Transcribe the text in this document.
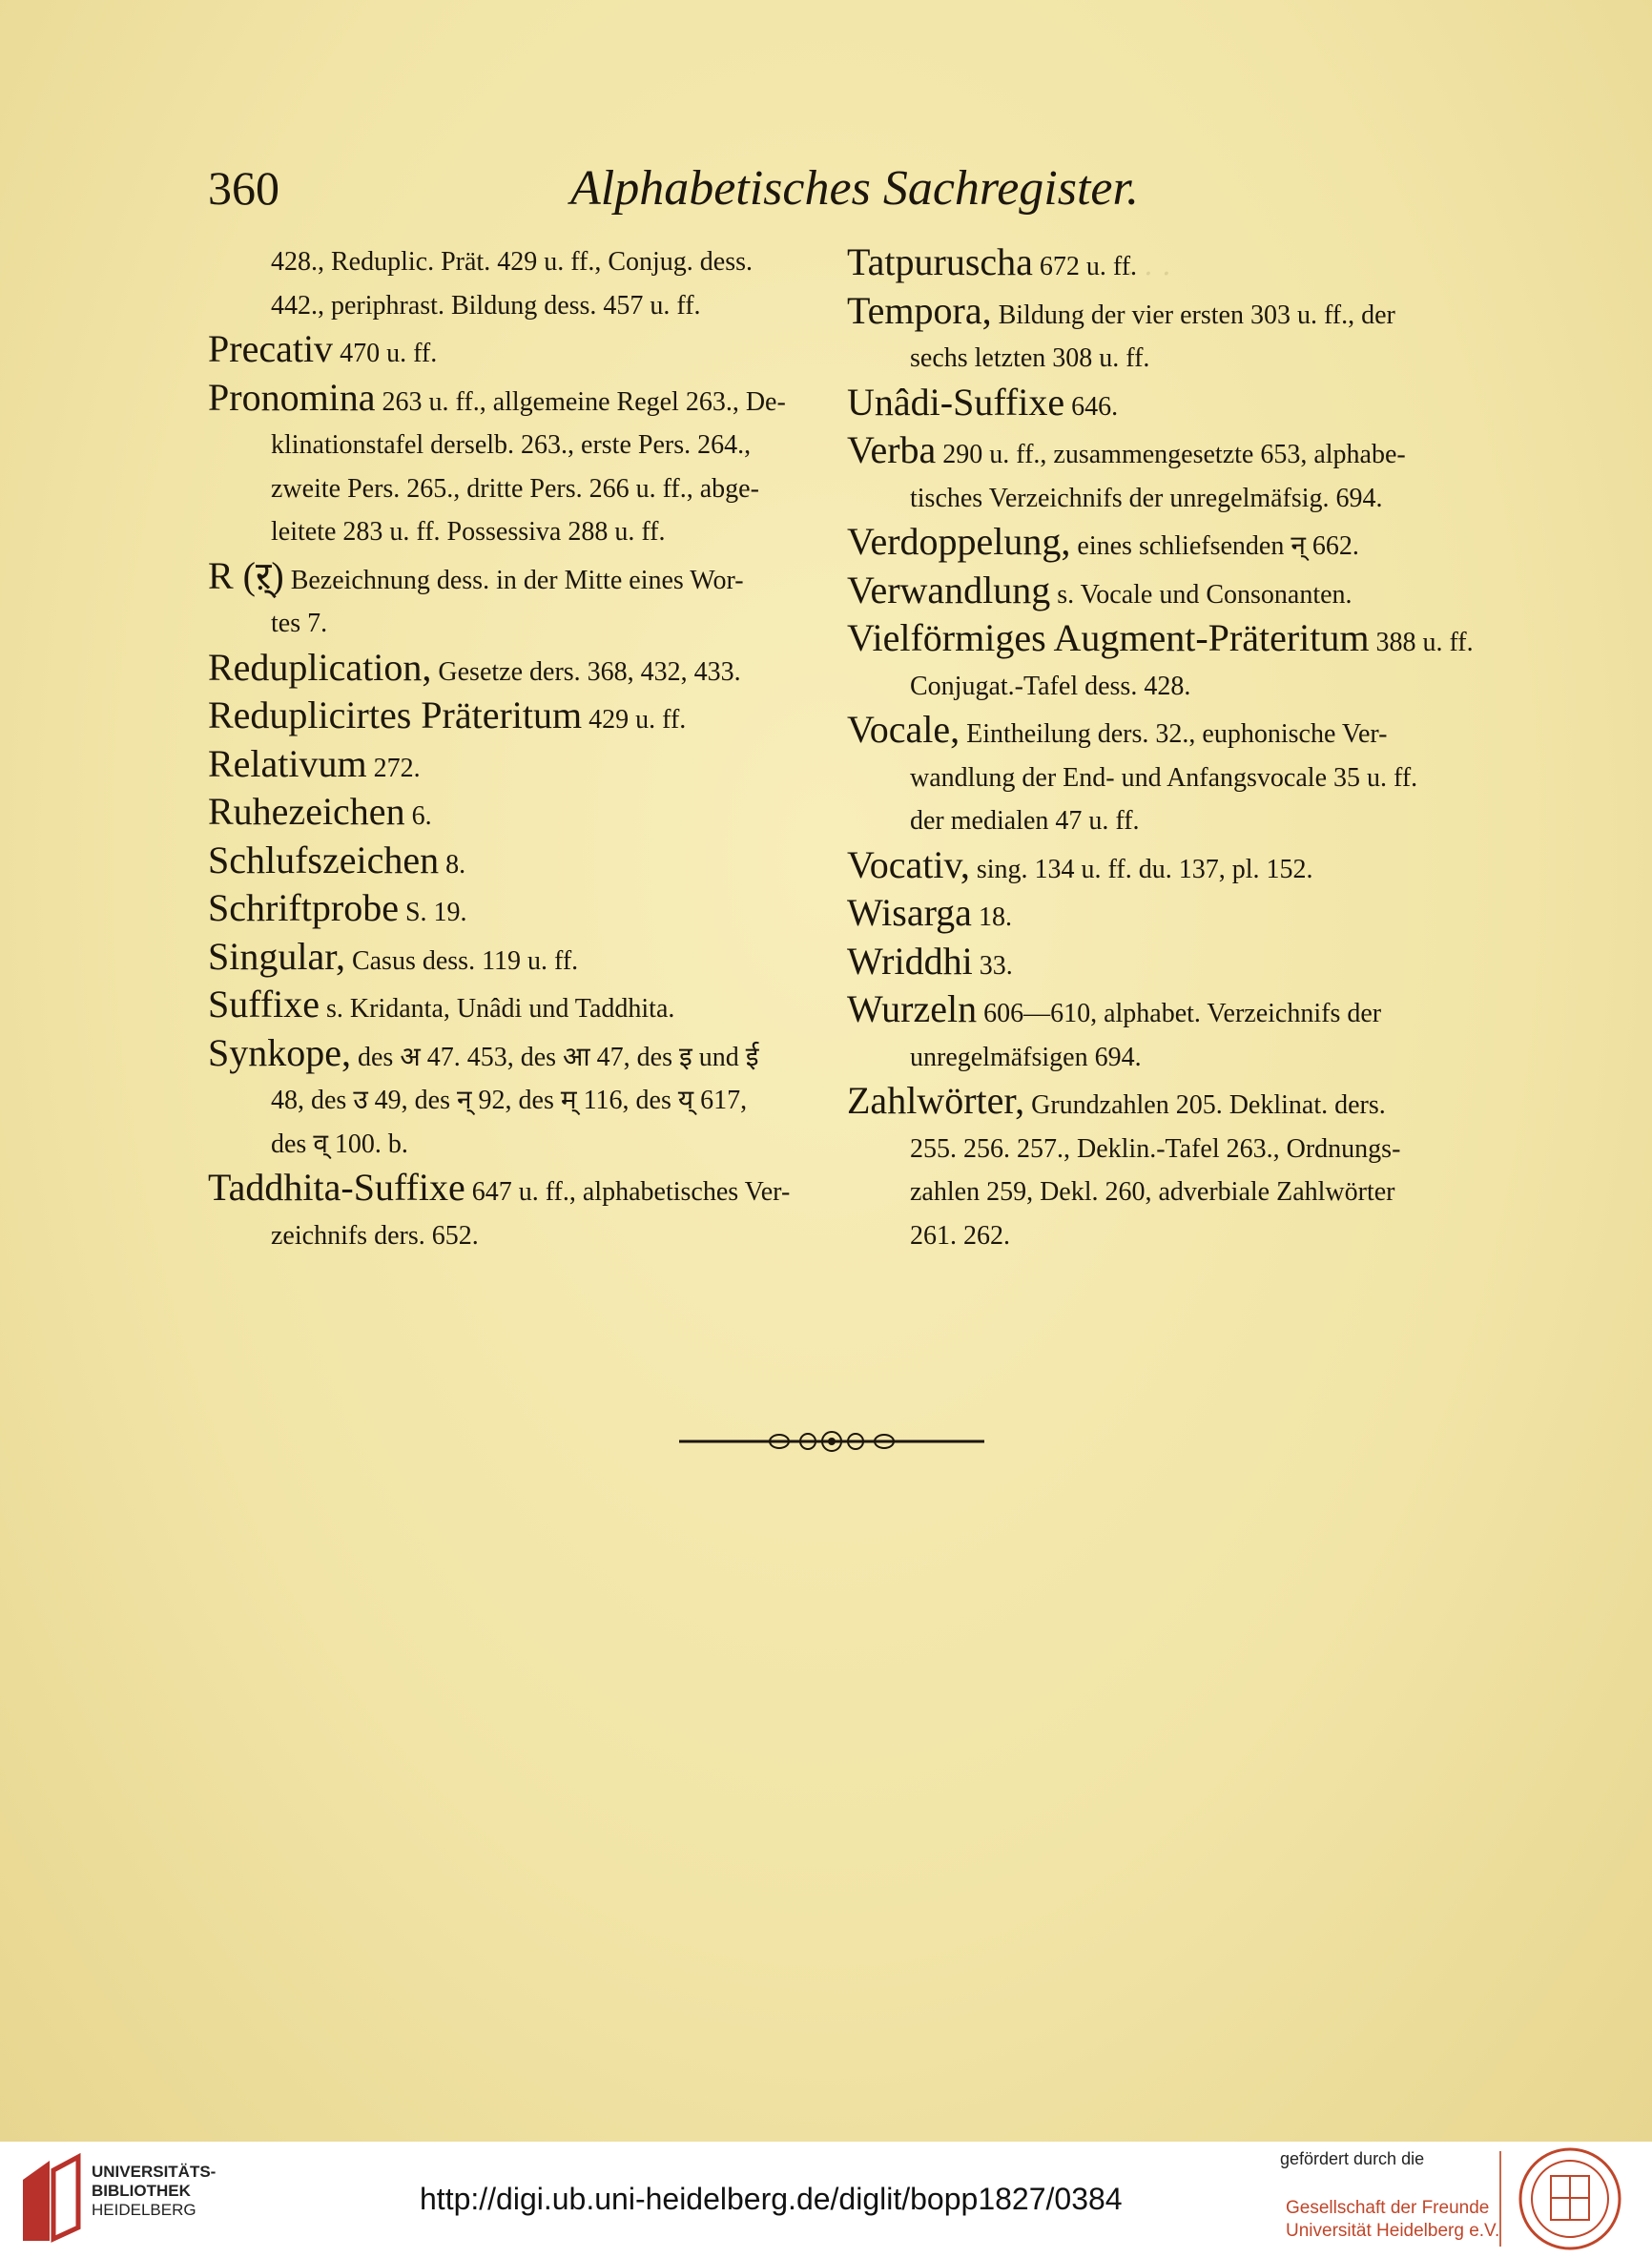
· · ·
360	Alphabetisches Sachregister.
428., Reduplic. Prät. 429 u. ff., Conjug. dess.
442., periphrast. Bildung dess. 457 u. ff.
Precativ 470 u. ff.
Pronomina 263 u. ff., allgemeine Regel 263., De-
klinationstafel derselb. 263., erste Pers. 264.,
zweite Pers. 265., dritte Pers. 266 u. ff., abge-
leitete 283 u. ff. Possessiva 288 u. ff.
R (ऱ्) Bezeichnung dess. in der Mitte eines Wor-
tes 7.
Reduplication, Gesetze ders. 368, 432, 433.
Reduplicirtes Präteritum 429 u. ff.
Relativum 272.
Ruhezeichen 6.
Schlufszeichen 8.
Schriftprobe S. 19.
Singular, Casus dess. 119 u. ff.
Suffixe s. Kridanta, Unâdi und Taddhita.
Synkope, des अ 47. 453, des आ 47, des इ und ई
48, des उ 49, des न् 92, des म् 116, des य् 617,
des व् 100. b.
Taddhita-Suffixe 647 u. ff., alphabetisches Ver-
zeichnifs ders. 652.
Tatpuruscha 672 u. ff.
Tempora, Bildung der vier ersten 303 u. ff., der
sechs letzten 308 u. ff.
Unâdi-Suffixe 646.
Verba 290 u. ff., zusammengesetzte 653, alphabe-
tisches Verzeichnifs der unregelmäfsig. 694.
Verdoppelung, eines schliefsenden न् 662.
Verwandlung s. Vocale und Consonanten.
Vielförmiges Augment-Präteritum 388 u. ff.
Conjugat.-Tafel dess. 428.
Vocale, Eintheilung ders. 32., euphonische Ver-
wandlung der End- und Anfangsvocale 35 u. ff.
der medialen 47 u. ff.
Vocativ, sing. 134 u. ff. du. 137, pl. 152.
Wisarga 18.
Wriddhi 33.
Wurzeln 606—610, alphabet. Verzeichnifs der
unregelmäfsigen 694.
Zahlwörter, Grundzahlen 205. Deklinat. ders.
255. 256. 257., Deklin.-Tafel 263., Ordnungs-
zahlen 259, Dekl. 260, adverbiale Zahlwörter
261. 262.
UNIVERSITÄTS-
BIBLIOTHEK
HEIDELBERG	http://digi.ub.uni-heidelberg.de/diglit/bopp1827/0384
gefördert durch die
Gesellschaft der Freunde
Universität Heidelberg e.V.
